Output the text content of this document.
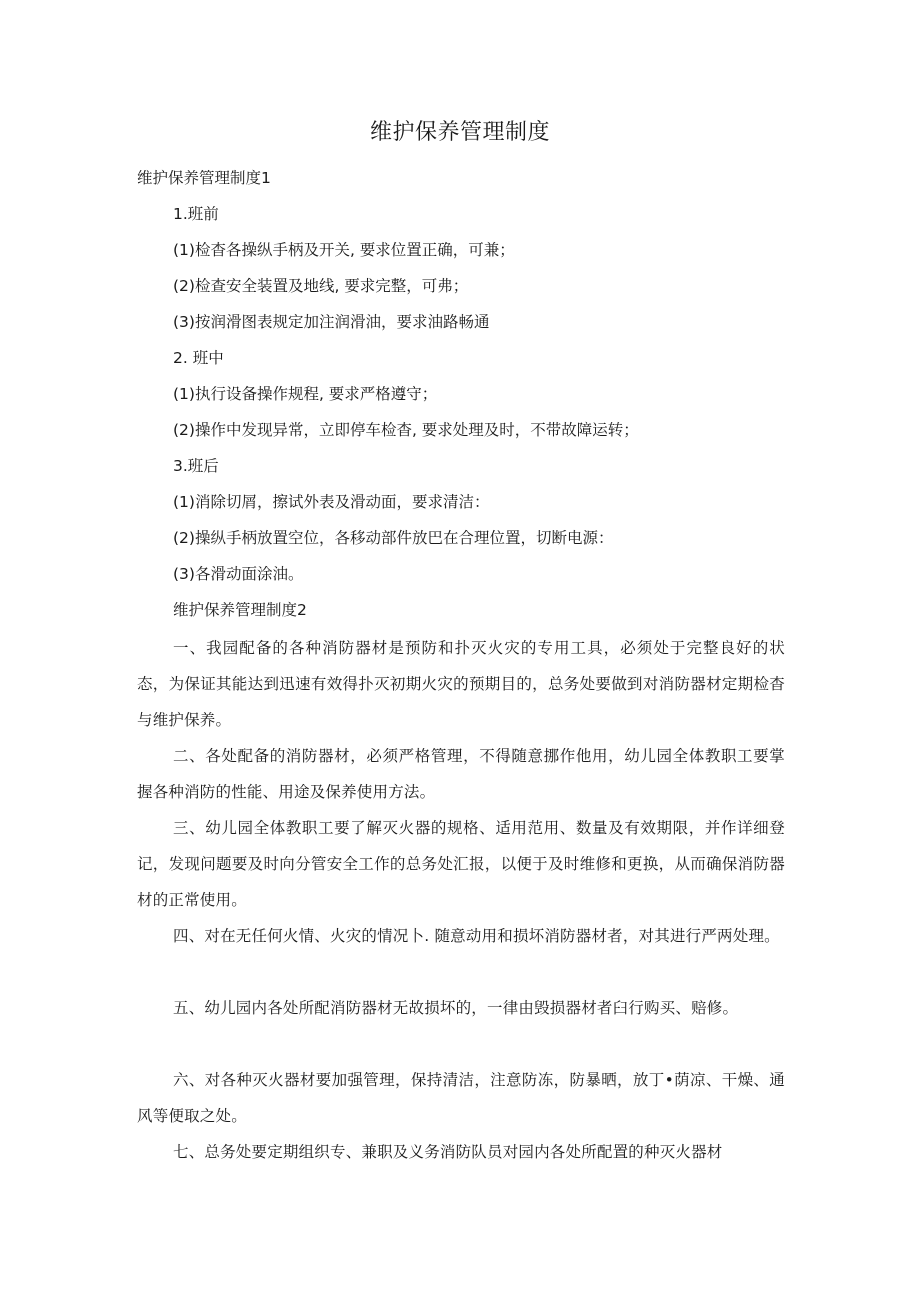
维护保养管理制度

维护保养管理制度1

1.班前

(1)检杳各操纵手柄及开关, 要求位置正确，可兼；

(2)检查安全装置及地线, 要求完整，可弗；

(3)按润滑图表规定加注润滑油，要求油路畅通

2. 班中

(1)执行设备操作规程, 要求严格遵守；

(2)操作中发现异常，立即停车检杳, 要求处理及时，不带故障运转；

3.班后

(1)消除切屑，擦试外表及滑动面，要求清洁：

(2)操纵手柄放置空位，各移动部件放巴在合理位置，切断电源：

(3)各滑动面涂油。

维护保养管理制度2

一、我园配备的各种消防器材是预防和扑灭火灾的专用工具，必须处于完整良好的状态，为保证其能达到迅速有效得扑灭初期火灾的预期目的，总务处要做到对消防器材定期检杳与维护保养。

二、各处配备的消防器材，必须严格管理，不得随意挪作他用，幼儿园全体教职工要掌握各种消防的性能、用途及保养使用方法。

三、幼儿园全体教职工要了解灭火器的规格、适用范用、数量及有效期限，并作详细登记，发现问题要及时向分管安全工作的总务处汇报，以便于及时维修和更换，从而确保消防器材的正常使用。

四、对在无任何火情、火灾的情况卜. 随意动用和损坏消防器材者，对其进行严两处理。

五、幼儿园内各处所配消防器材无故损坏的，一律由毁损器材者臼行购买、赔修。

六、对各种灭火器材要加强管理，保持清洁，注意防冻，防暴晒，放丁•荫凉、干燥、通风等便取之处。

七、总务处要定期组织专、兼职及义务消防队员对园内各处所配置的种灭火器材
